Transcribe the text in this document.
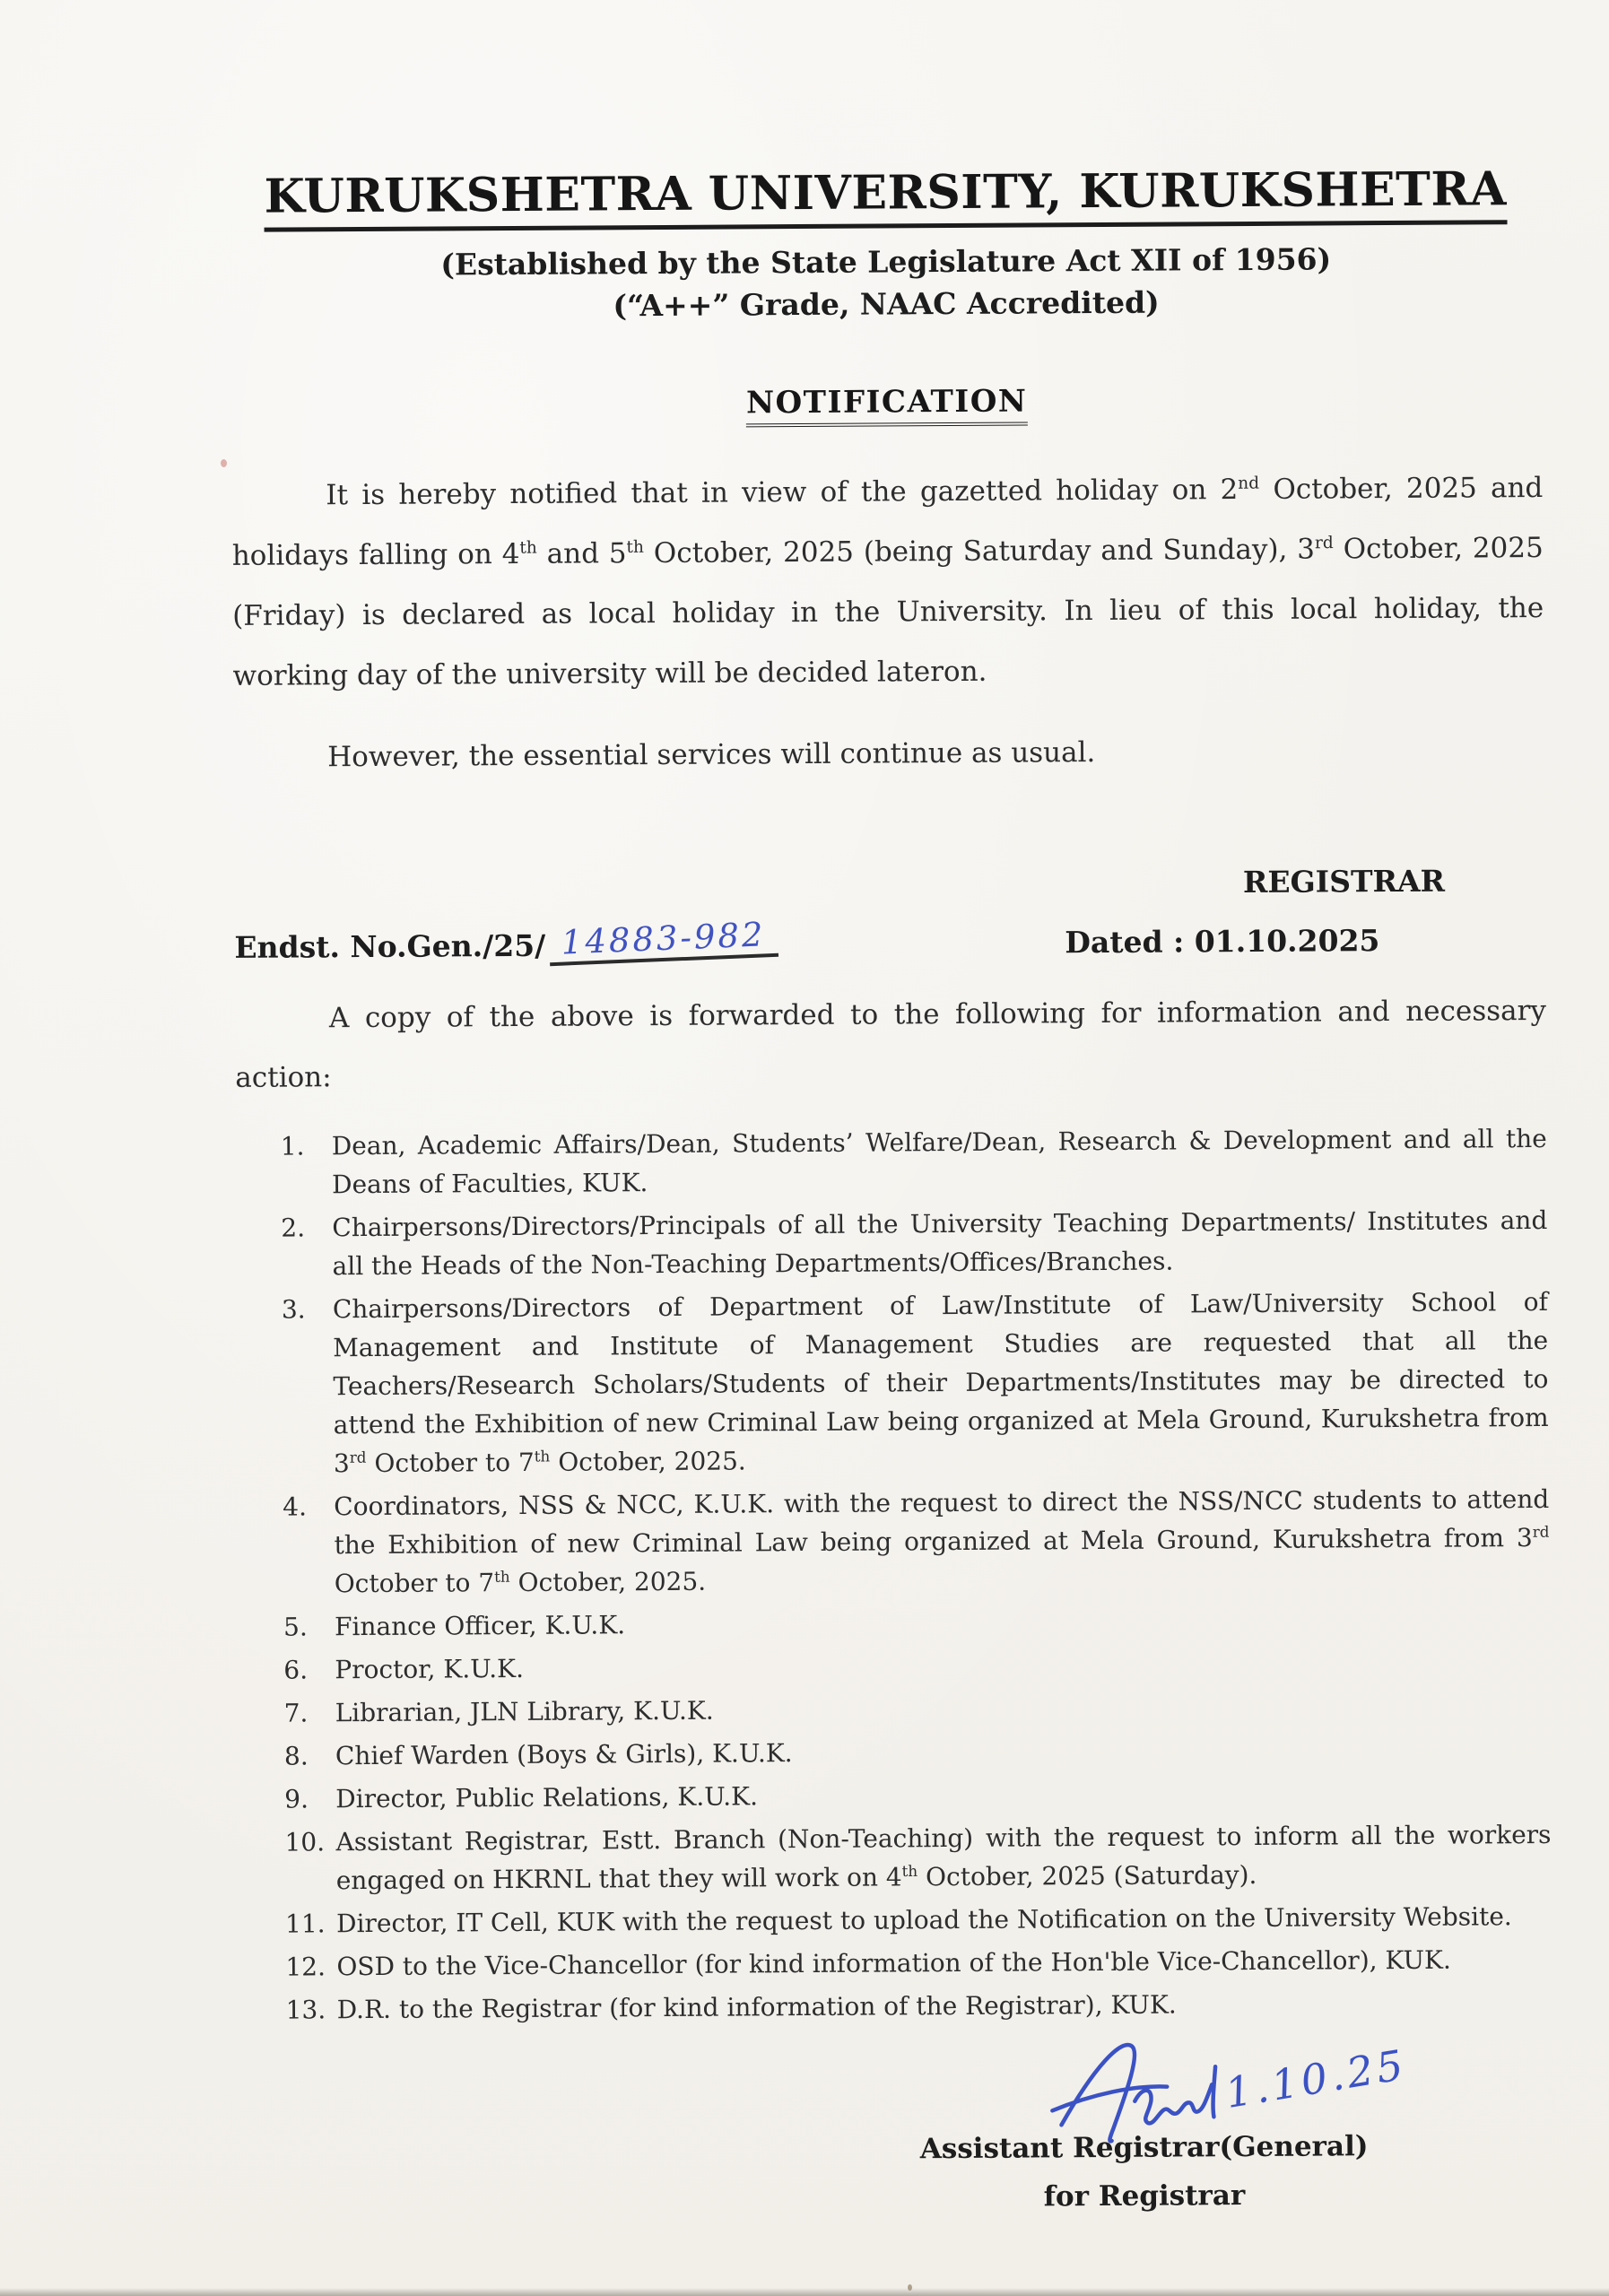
KURUKSHETRA UNIVERSITY, KURUKSHETRA
(Established by the State Legislature Act XII of 1956)
(“A++” Grade, NAAC Accredited)
NOTIFICATION

It is hereby notified that in view of the gazetted holiday on 2nd October, 2025 and holidays falling on 4th and 5th October, 2025 (being Saturday and Sunday), 3rd October, 2025 (Friday) is declared as local holiday in the University. In lieu of this local holiday, the working day of the university will be decided lateron.

However, the essential services will continue as usual.

REGISTRAR
Endst. No.Gen./25/ 14883-982	Dated : 01.10.2025

A copy of the above is forwarded to the following for information and necessary action:

1.	Dean, Academic Affairs/Dean, Students’ Welfare/Dean, Research & Development and all the Deans of Faculties, KUK.
2.	Chairpersons/Directors/Principals of all the University Teaching Departments/ Institutes and all the Heads of the Non-Teaching Departments/Offices/Branches.
3.	Chairpersons/Directors of Department of Law/Institute of Law/University School of Management and Institute of Management Studies are requested that all the Teachers/Research Scholars/Students of their Departments/Institutes may be directed to attend the Exhibition of new Criminal Law being organized at Mela Ground, Kurukshetra from 3rd October to 7th October, 2025.
4.	Coordinators, NSS & NCC, K.U.K. with the request to direct the NSS/NCC students to attend the Exhibition of new Criminal Law being organized at Mela Ground, Kurukshetra from 3rd October to 7th October, 2025.
5.	Finance Officer, K.U.K.
6.	Proctor, K.U.K.
7.	Librarian, JLN Library, K.U.K.
8.	Chief Warden (Boys & Girls), K.U.K.
9.	Director, Public Relations, K.U.K.
10. Assistant Registrar, Estt. Branch (Non-Teaching) with the request to inform all the workers engaged on HKRNL that they will work on 4th October, 2025 (Saturday).
11. Director, IT Cell, KUK with the request to upload the Notification on the University Website.
12. OSD to the Vice-Chancellor (for kind information of the Hon'ble Vice-Chancellor), KUK.
13. D.R. to the Registrar (for kind information of the Registrar), KUK.
1.10.25
Assistant Registrar(General)
for Registrar
